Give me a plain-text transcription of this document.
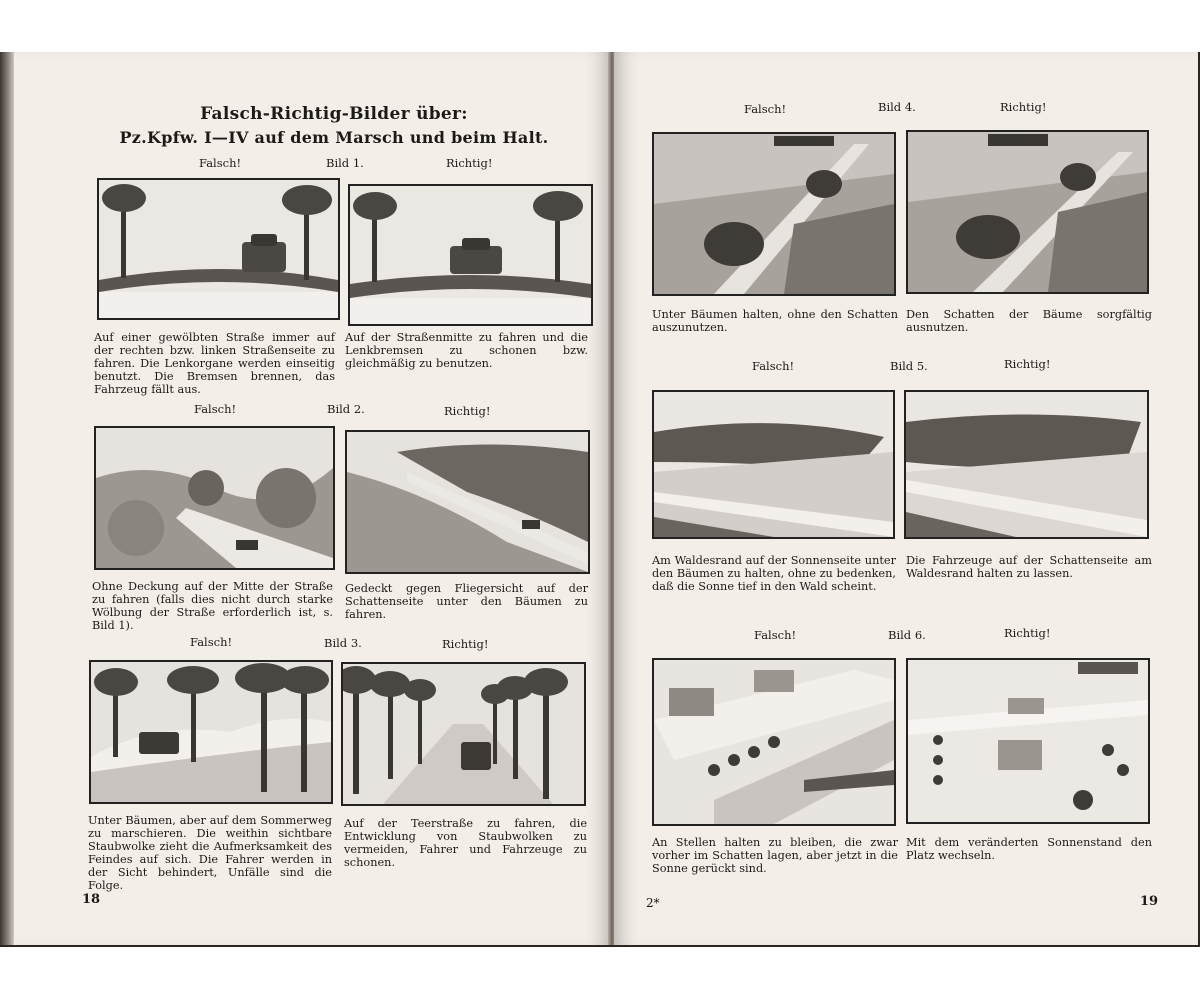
Falsch-Richtig-Bilder über:
Pz.Kpfw. I—IV auf dem Marsch und beim Halt.
Falsch!	Bild 1.	Richtig!
Auf einer gewölbten Straße immer auf der rechten bzw. linken Straßenseite zu fahren. Die Lenkorgane werden einseitig benutzt. Die Bremsen brennen, das Fahrzeug fällt aus.
Auf der Straßenmitte zu fahren und die Lenkbremsen zu schonen bzw. gleichmäßig zu benutzen.
Falsch!	Bild 2.	Richtig!
Ohne Deckung auf der Mitte der Straße zu fahren (falls dies nicht durch starke Wölbung der Straße erforderlich ist, s. Bild 1).
Gedeckt gegen Fliegersicht auf der Schattenseite unter den Bäumen zu fahren.
Falsch!	Bild 3.	Richtig!
Unter Bäumen, aber auf dem Sommerweg zu marschieren. Die weithin sichtbare Staubwolke zieht die Aufmerksamkeit des Feindes auf sich. Die Fahrer werden in der Sicht behindert, Unfälle sind die Folge.
Auf der Teerstraße zu fahren, die Entwicklung von Staubwolken zu vermeiden, Fahrer und Fahrzeuge zu schonen.
18
Falsch!	Bild 4.	Richtig!
Unter Bäumen halten, ohne den Schatten auszunutzen.
Den Schatten der Bäume sorgfältig ausnutzen.
Falsch!	Bild 5.	Richtig!
Am Waldesrand auf der Sonnenseite unter den Bäumen zu halten, ohne zu bedenken, daß die Sonne tief in den Wald scheint.
Die Fahrzeuge auf der Schattenseite am Waldesrand halten zu lassen.
Falsch!	Bild 6.	Richtig!
An Stellen halten zu bleiben, die zwar vorher im Schatten lagen, aber jetzt in die Sonne gerückt sind.
Mit dem veränderten Sonnenstand den Platz wechseln.
2*	19
